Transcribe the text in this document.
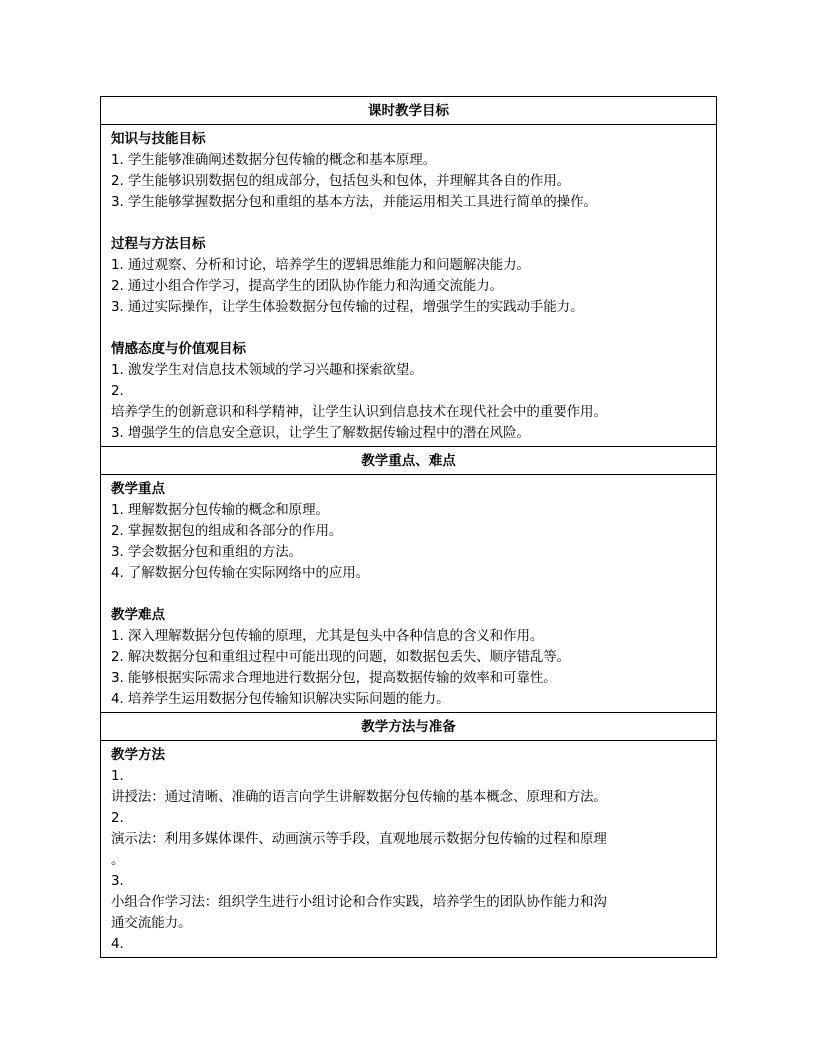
课时教学目标
知识与技能目标
1. 学生能够准确阐述数据分包传输的概念和基本原理。
2. 学生能够识别数据包的组成部分，包括包头和包体，并理解其各自的作用。
3. 学生能够掌握数据分包和重组的基本方法，并能运用相关工具进行简单的操作。
过程与方法目标
1. 通过观察、分析和讨论，培养学生的逻辑思维能力和问题解决能力。
2. 通过小组合作学习，提高学生的团队协作能力和沟通交流能力。
3. 通过实际操作，让学生体验数据分包传输的过程，增强学生的实践动手能力。
情感态度与价值观目标
1. 激发学生对信息技术领域的学习兴趣和探索欲望。
2.
培养学生的创新意识和科学精神，让学生认识到信息技术在现代社会中的重要作用。
3. 增强学生的信息安全意识，让学生了解数据传输过程中的潜在风险。
教学重点、难点
教学重点
1. 理解数据分包传输的概念和原理。
2. 掌握数据包的组成和各部分的作用。
3. 学会数据分包和重组的方法。
4. 了解数据分包传输在实际网络中的应用。
教学难点
1. 深入理解数据分包传输的原理，尤其是包头中各种信息的含义和作用。
2. 解决数据分包和重组过程中可能出现的问题，如数据包丢失、顺序错乱等。
3. 能够根据实际需求合理地进行数据分包，提高数据传输的效率和可靠性。
4. 培养学生运用数据分包传输知识解决实际问题的能力。
教学方法与准备
教学方法
1.
讲授法：通过清晰、准确的语言向学生讲解数据分包传输的基本概念、原理和方法。
2.
演示法：利用多媒体课件、动画演示等手段，直观地展示数据分包传输的过程和原理
。
3.
小组合作学习法：组织学生进行小组讨论和合作实践，培养学生的团队协作能力和沟
通交流能力。
4.
